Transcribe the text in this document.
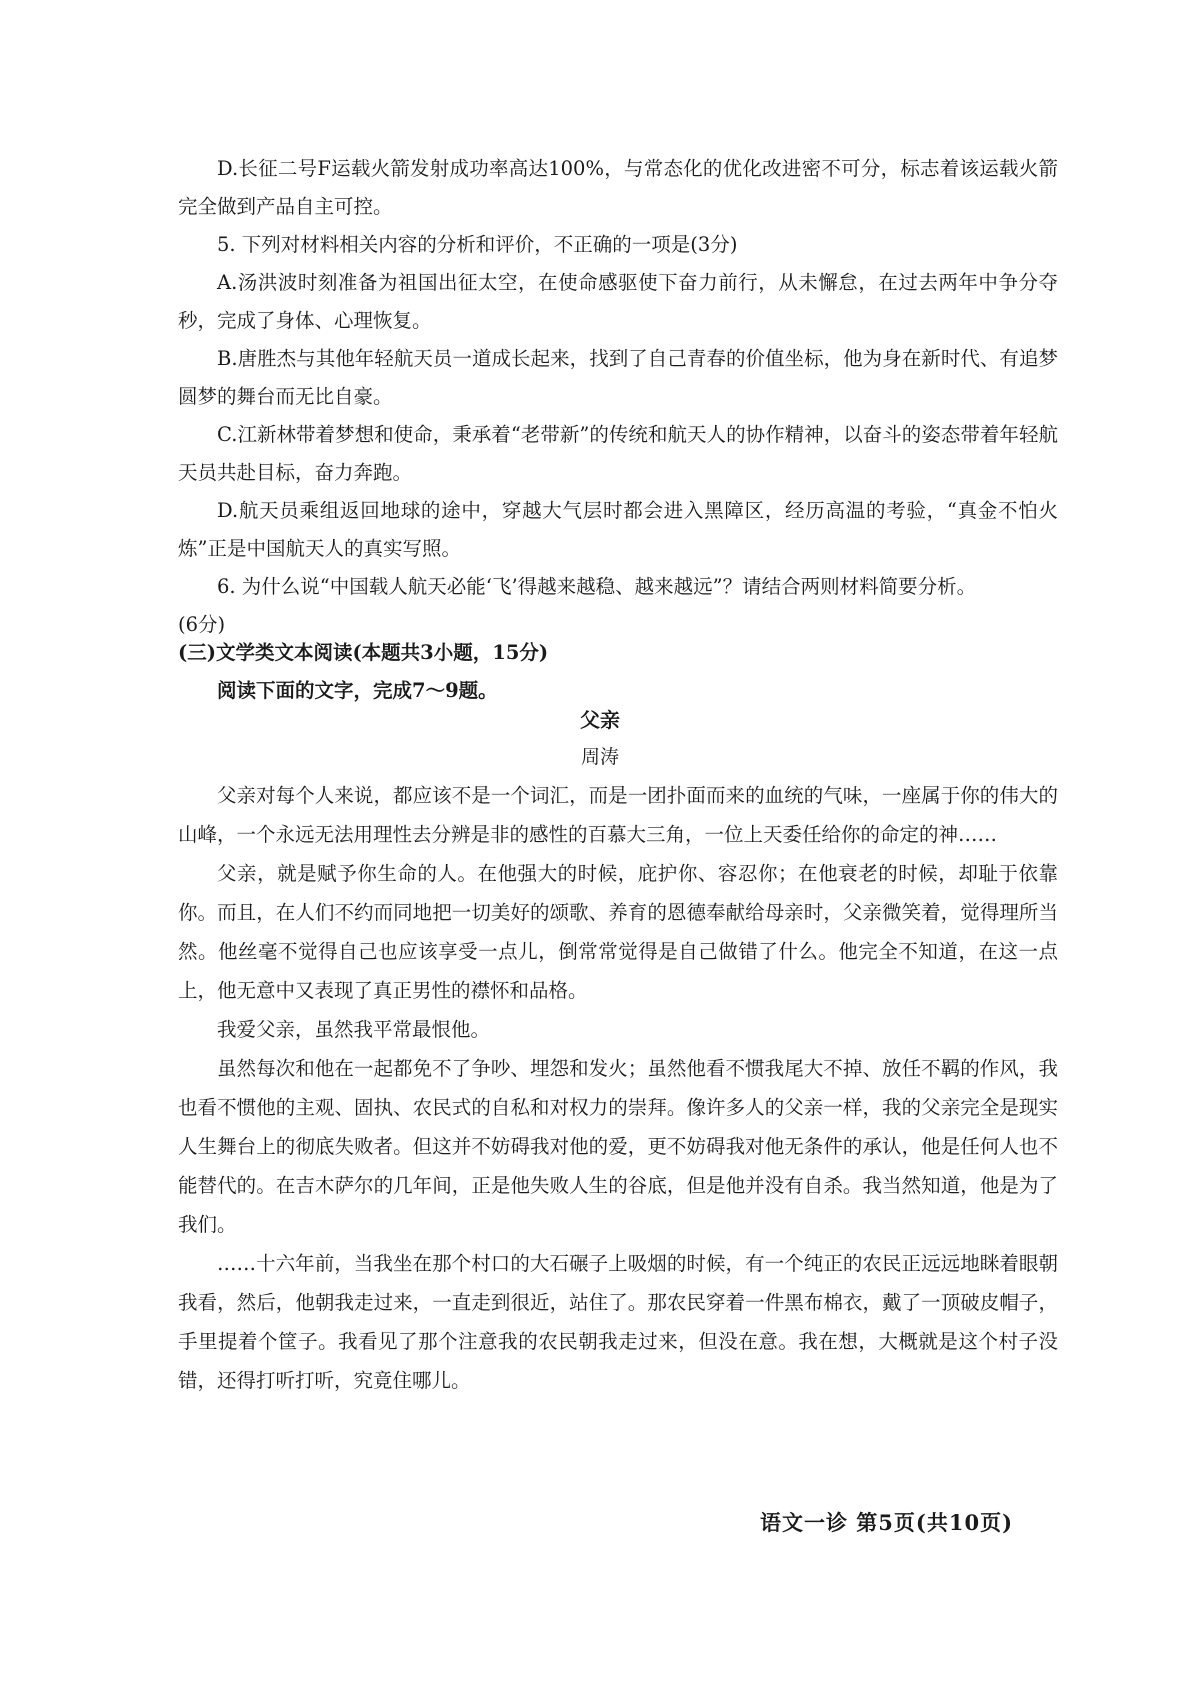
D.长征二号F运载火箭发射成功率高达100%，与常态化的优化改进密不可分，标志着该运载火箭完全做到产品自主可控。

5. 下列对材料相关内容的分析和评价，不正确的一项是(3分)

A.汤洪波时刻准备为祖国出征太空，在使命感驱使下奋力前行，从未懈怠，在过去两年中争分夺秒，完成了身体、心理恢复。

B.唐胜杰与其他年轻航天员一道成长起来，找到了自己青春的价值坐标，他为身在新时代、有追梦圆梦的舞台而无比自豪。

C.江新林带着梦想和使命，秉承着“老带新”的传统和航天人的协作精神，以奋斗的姿态带着年轻航天员共赴目标，奋力奔跑。

D.航天员乘组返回地球的途中，穿越大气层时都会进入黑障区，经历高温的考验，“真金不怕火炼”正是中国航天人的真实写照。

6. 为什么说“中国载人航天必能‘飞’得越来越稳、越来越远”？请结合两则材料简要分析。

(6分)

(三)文学类文本阅读(本题共3小题，15分)

阅读下面的文字，完成7～9题。

父亲
周涛

父亲对每个人来说，都应该不是一个词汇，而是一团扑面而来的血统的气味，一座属于你的伟大的山峰，一个永远无法用理性去分辨是非的感性的百慕大三角，一位上天委任给你的命定的神……

父亲，就是赋予你生命的人。在他强大的时候，庇护你、容忍你；在他衰老的时候，却耻于依靠你。而且，在人们不约而同地把一切美好的颂歌、养育的恩德奉献给母亲时，父亲微笑着，觉得理所当然。他丝毫不觉得自己也应该享受一点儿，倒常常觉得是自己做错了什么。他完全不知道，在这一点上，他无意中又表现了真正男性的襟怀和品格。

我爱父亲，虽然我平常最恨他。

虽然每次和他在一起都免不了争吵、埋怨和发火；虽然他看不惯我尾大不掉、放任不羁的作风，我也看不惯他的主观、固执、农民式的自私和对权力的崇拜。像许多人的父亲一样，我的父亲完全是现实人生舞台上的彻底失败者。但这并不妨碍我对他的爱，更不妨碍我对他无条件的承认，他是任何人也不能替代的。在吉木萨尔的几年间，正是他失败人生的谷底，但是他并没有自杀。我当然知道，他是为了我们。

……十六年前，当我坐在那个村口的大石碾子上吸烟的时候，有一个纯正的农民正远远地眯着眼朝我看，然后，他朝我走过来，一直走到很近，站住了。那农民穿着一件黑布棉衣，戴了一顶破皮帽子，手里提着个筐子。我看见了那个注意我的农民朝我走过来，但没在意。我在想，大概就是这个村子没错，还得打听打听，究竟住哪儿。

语文一诊 第5页(共10页)
